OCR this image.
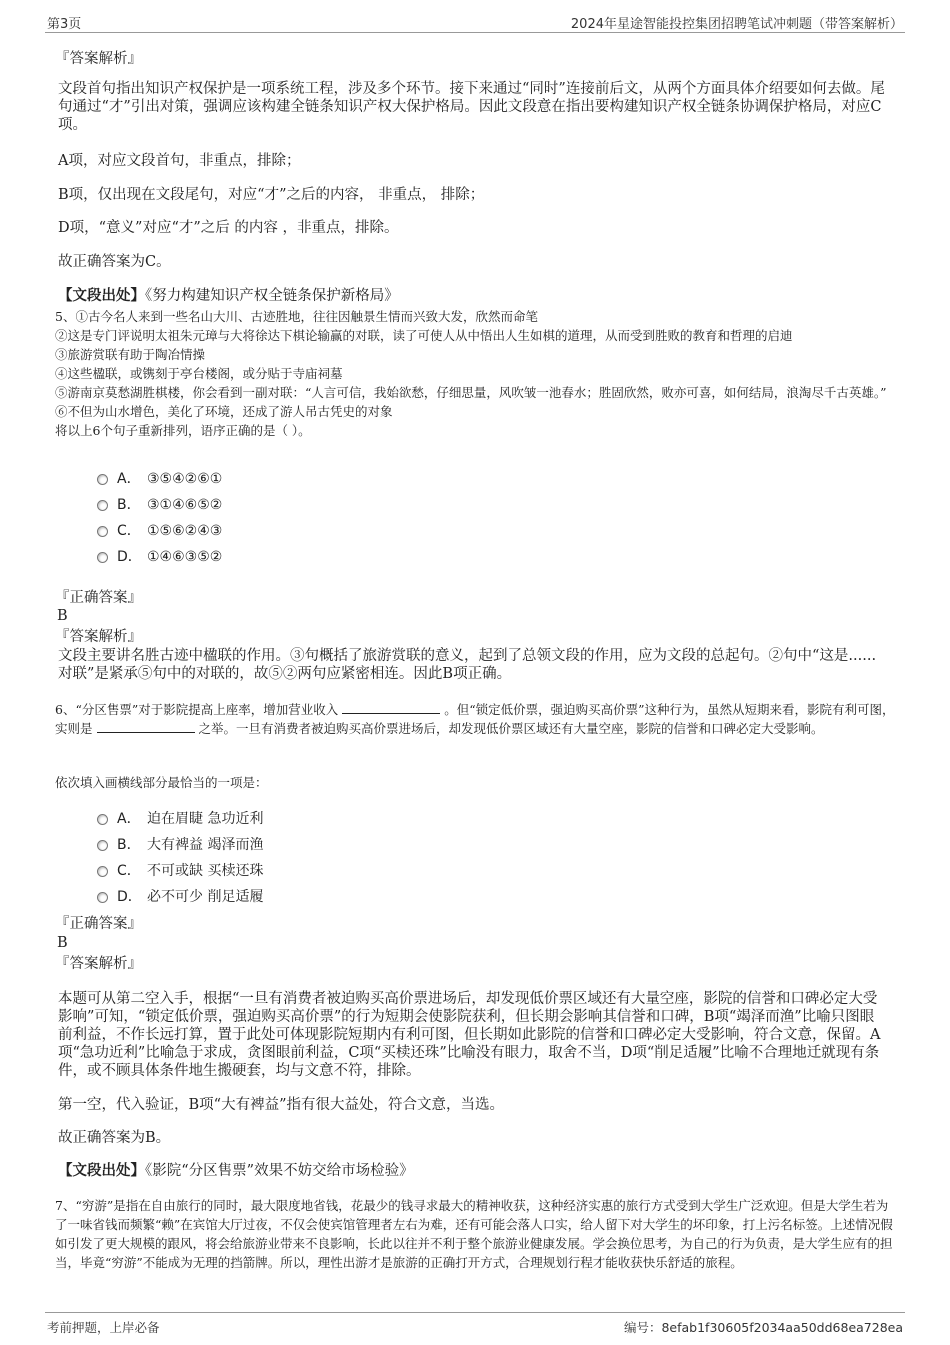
第3页	2024年星途智能投控集团招聘笔试冲刺题（带答案解析）
『答案解析』
文段首句指出知识产权保护是一项系统工程，涉及多个环节。接下来通过“同时”连接前后文，从两个方面具体介绍要如何去做。尾句通过“才”引出对策，强调应该构建全链条知识产权大保护格局。因此文段意在指出要构建知识产权全链条协调保护格局，对应C项。
A项，对应文段首句，非重点，排除；
B项，仅出现在文段尾句，对应“才”之后的内容， 非重点， 排除；
D项，“意义”对应“才”之后 的内容 ，非重点，排除。
故正确答案为C。
【文段出处】《努力构建知识产权全链条保护新格局》
5、①古今名人来到一些名山大川、古迹胜地，往往因触景生情而兴致大发，欣然而命笔
②这是专门评说明太祖朱元璋与大将徐达下棋论输赢的对联，读了可使人从中悟出人生如棋的道理，从而受到胜败的教育和哲理的启迪
③旅游赏联有助于陶冶情操
④这些楹联，或镌刻于亭台楼阁，或分贴于寺庙祠墓
⑤游南京莫愁湖胜棋楼，你会看到一副对联：“人言可信，我始欲愁，仔细思量，风吹皱一池春水；胜固欣然，败亦可喜，如何结局，浪淘尽千古英雄。”
⑥不但为山水增色，美化了环境，还成了游人吊古凭史的对象
将以上6个句子重新排列，语序正确的是（ ）。
A． ③⑤④②⑥①
B． ③①④⑥⑤②
C． ①⑤⑥②④③
D． ①④⑥③⑤②
『正确答案』
B
『答案解析』
文段主要讲名胜古迹中楹联的作用。③句概括了旅游赏联的意义，起到了总领文段的作用，应为文段的总起句。②句中“这是......对联”是紧承⑤句中的对联的，故⑤②两句应紧密相连。因此B项正确。
6、“分区售票”对于影院提高上座率，增加营业收入	。但“锁定低价票，强迫购买高价票”这种行为，虽然从短期来看，影院有利可图，实则是	之举。一旦有消费者被迫购买高价票进场后，却发现低价票区域还有大量空座，影院的信誉和口碑必定大受影响。
依次填入画横线部分最恰当的一项是：
A． 迫在眉睫 急功近利
B． 大有裨益 竭泽而渔
C． 不可或缺 买椟还珠
D． 必不可少 削足适履
『正确答案』
B
『答案解析』
本题可从第二空入手，根据“一旦有消费者被迫购买高价票进场后，却发现低价票区域还有大量空座，影院的信誉和口碑必定大受影响”可知，“锁定低价票，强迫购买高价票”的行为短期会使影院获利，但长期会影响其信誉和口碑，B项“竭泽而渔”比喻只图眼前利益，不作长远打算，置于此处可体现影院短期内有利可图，但长期如此影院的信誉和口碑必定大受影响，符合文意，保留。A项“急功近利”比喻急于求成，贪图眼前利益，C项“买椟还珠”比喻没有眼力，取舍不当，D项“削足适履”比喻不合理地迁就现有条件，或不顾具体条件地生搬硬套，均与文意不符，排除。
第一空，代入验证，B项“大有裨益”指有很大益处，符合文意，当选。
故正确答案为B。
【文段出处】《影院“分区售票”效果不妨交给市场检验》
7、“穷游”是指在自由旅行的同时，最大限度地省钱，花最少的钱寻求最大的精神收获，这种经济实惠的旅行方式受到大学生广泛欢迎。但是大学生若为了一味省钱而频繁“赖”在宾馆大厅过夜，不仅会使宾馆管理者左右为难，还有可能会落人口实，给人留下对大学生的坏印象，打上污名标签。上述情况假如引发了更大规模的跟风，将会给旅游业带来不良影响，长此以往并不利于整个旅游业健康发展。学会换位思考，为自己的行为负责，是大学生应有的担当，毕竟“穷游”不能成为无理的挡箭牌。所以，理性出游才是旅游的正确打开方式，合理规划行程才能收获快乐舒适的旅程。
考前押题，上岸必备	编号：8efab1f30605f2034aa50dd68ea728ea
